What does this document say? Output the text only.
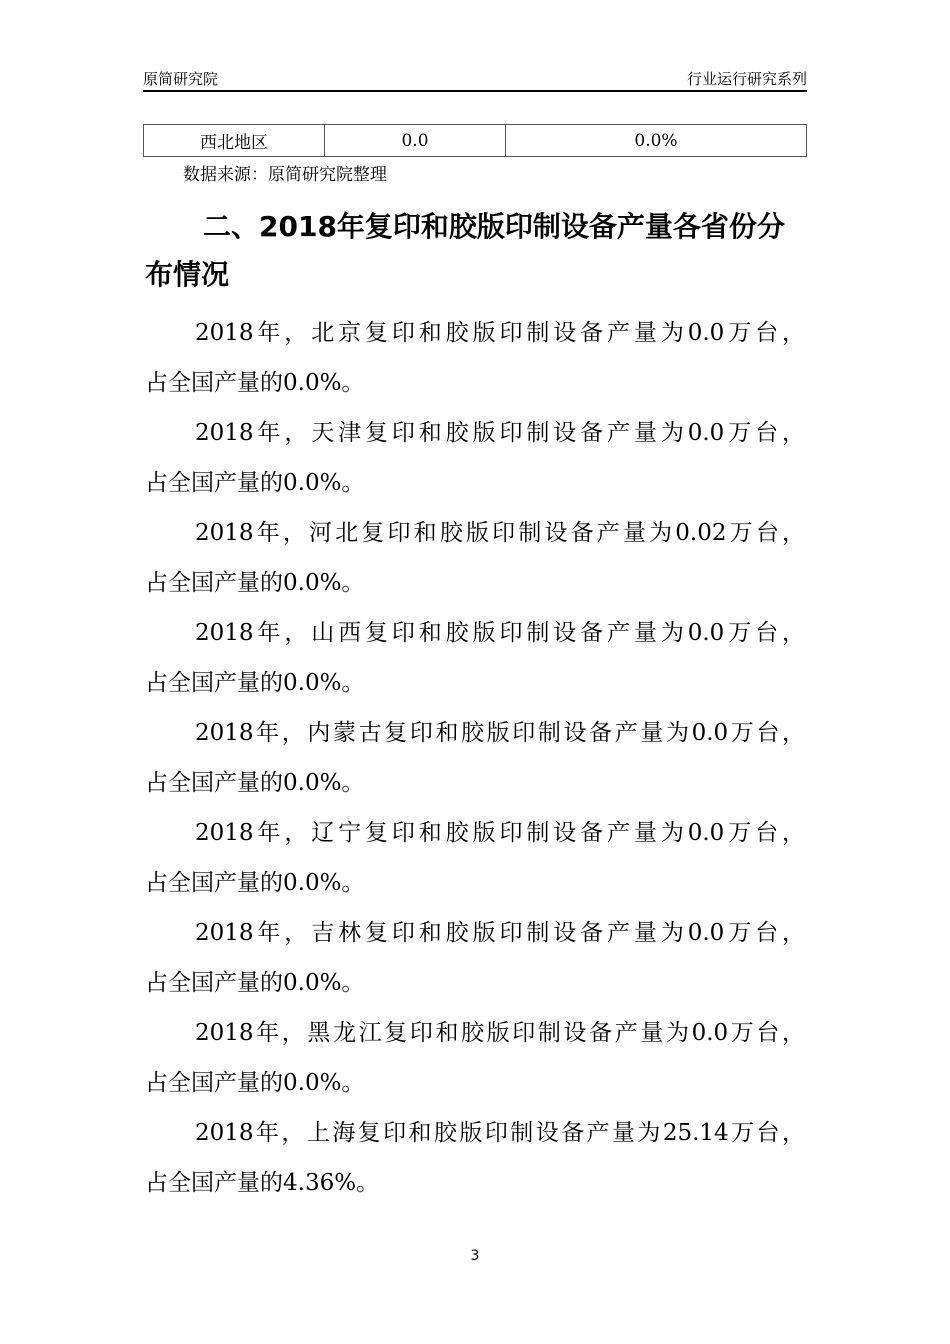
原简研究院	行业运行研究系列
西北地区	0.0	0.0%
数据来源：原简研究院整理
二、2018年复印和胶版印制设备产量各省份分
布情况
2018年，北京复印和胶版印制设备产量为0.0万台，
占全国产量的0.0%。
2018年，天津复印和胶版印制设备产量为0.0万台，
占全国产量的0.0%。
2018年，河北复印和胶版印制设备产量为0.02万台，
占全国产量的0.0%。
2018年，山西复印和胶版印制设备产量为0.0万台，
占全国产量的0.0%。
2018年，内蒙古复印和胶版印制设备产量为0.0万台，
占全国产量的0.0%。
2018年，辽宁复印和胶版印制设备产量为0.0万台，
占全国产量的0.0%。
2018年，吉林复印和胶版印制设备产量为0.0万台，
占全国产量的0.0%。
2018年，黑龙江复印和胶版印制设备产量为0.0万台，
占全国产量的0.0%。
2018年，上海复印和胶版印制设备产量为25.14万台，
占全国产量的4.36%。
3
